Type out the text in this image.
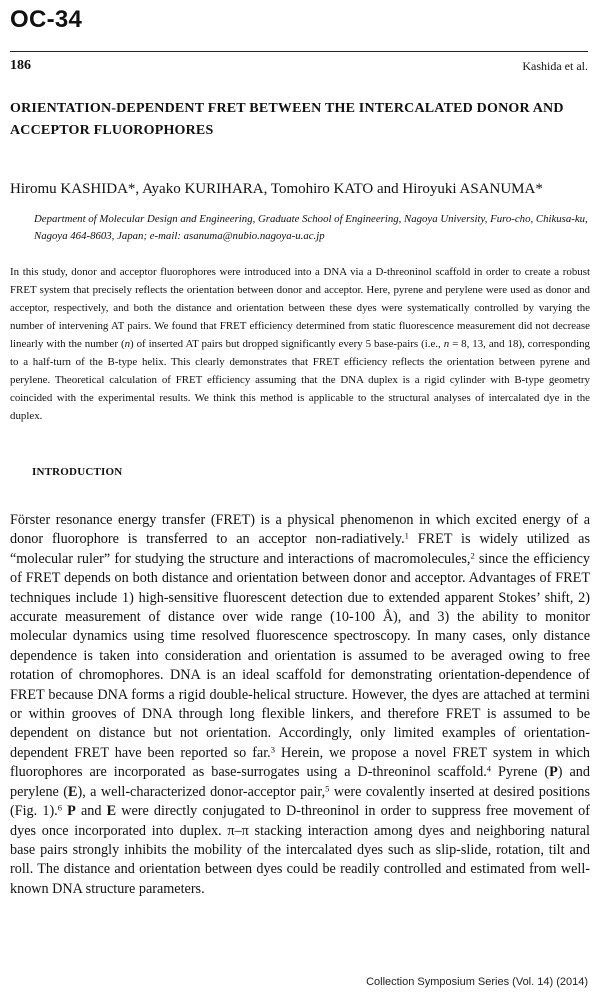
OC-34
186	Kashida et al.
ORIENTATION-DEPENDENT FRET BETWEEN THE INTERCALATED DONOR AND ACCEPTOR FLUOROPHORES
Hiromu KASHIDA*, Ayako KURIHARA, Tomohiro KATO and Hiroyuki ASANUMA*
Department of Molecular Design and Engineering, Graduate School of Engineering, Nagoya University, Furo-cho, Chikusa-ku, Nagoya 464-8603, Japan; e-mail: asanuma@nubio.nagoya-u.ac.jp
In this study, donor and acceptor fluorophores were introduced into a DNA via a D-threoninol scaffold in order to create a robust FRET system that precisely reflects the orientation between donor and acceptor. Here, pyrene and perylene were used as donor and acceptor, respectively, and both the distance and orientation between these dyes were systematically controlled by varying the number of intervening AT pairs. We found that FRET efficiency determined from static fluorescence measurement did not decrease linearly with the number (n) of inserted AT pairs but dropped significantly every 5 base-pairs (i.e., n = 8, 13, and 18), corresponding to a half-turn of the B-type helix. This clearly demonstrates that FRET efficiency reflects the orientation between pyrene and perylene. Theoretical calculation of FRET efficiency assuming that the DNA duplex is a rigid cylinder with B-type geometry coincided with the experimental results. We think this method is applicable to the structural analyses of intercalated dye in the duplex.
INTRODUCTION
Förster resonance energy transfer (FRET) is a physical phenomenon in which excited energy of a donor fluorophore is transferred to an acceptor non-radiatively.$^1$ FRET is widely utilized as “molecular ruler” for studying the structure and interactions of macromolecules,$^2$ since the efficiency of FRET depends on both distance and orientation between donor and acceptor. Advantages of FRET techniques include 1) high-sensitive fluorescent detection due to extended apparent Stokes’ shift, 2) accurate measurement of distance over wide range (10-100 Å), and 3) the ability to monitor molecular dynamics using time resolved fluorescence spectroscopy. In many cases, only distance dependence is taken into consideration and orientation is assumed to be averaged owing to free rotation of chromophores. DNA is an ideal scaffold for demonstrating orientation-dependence of FRET because DNA forms a rigid double-helical structure. However, the dyes are attached at termini or within grooves of DNA through long flexible linkers, and therefore FRET is assumed to be dependent on distance but not orientation. Accordingly, only limited examples of orientation-dependent FRET have been reported so far.$^3$ Herein, we propose a novel FRET system in which fluorophores are incorporated as base-surrogates using a D-threoninol scaffold.$^4$ Pyrene (P) and perylene (E), a well-characterized donor-acceptor pair,$^5$ were covalently inserted at desired positions (Fig. 1).$^6$ P and E were directly conjugated to D-threoninol in order to suppress free movement of dyes once incorporated into duplex. π–π stacking interaction among dyes and neighboring natural base pairs strongly inhibits the mobility of the intercalated dyes such as slip-slide, rotation, tilt and roll. The distance and orientation between dyes could be readily controlled and estimated from well-known DNA structure parameters.
Collection Symposium Series (Vol. 14) (2014)
